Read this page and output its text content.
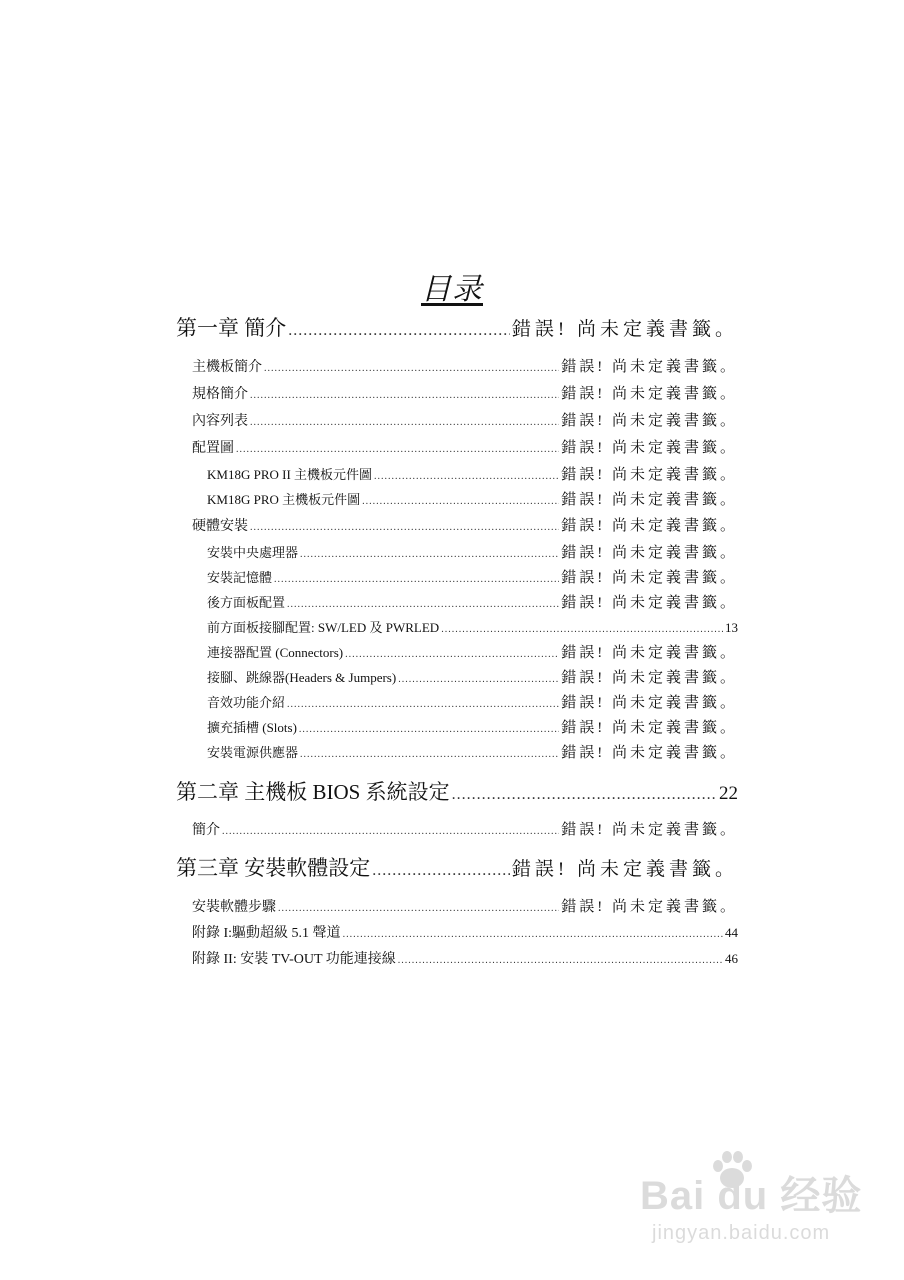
目录
第一章 簡介 .....	錯誤! 尚未定義書籤。
主機板簡介 .....	錯誤! 尚未定義書籤。
規格簡介 .....	錯誤! 尚未定義書籤。
內容列表 .....	錯誤! 尚未定義書籤。
配置圖 .....	錯誤! 尚未定義書籤。
KM18G PRO II 主機板元件圖 .....	錯誤! 尚未定義書籤。
KM18G PRO 主機板元件圖 .....	錯誤! 尚未定義書籤。
硬體安裝 .....	錯誤! 尚未定義書籤。
安裝中央處理器 .....	錯誤! 尚未定義書籤。
安裝記憶體 .....	錯誤! 尚未定義書籤。
後方面板配置 .....	錯誤! 尚未定義書籤。
前方面板接腳配置: SW/LED 及 PWRLED .....	13
連接器配置 (Connectors) .....	錯誤! 尚未定義書籤。
接腳、跳線器(Headers & Jumpers) .....	錯誤! 尚未定義書籤。
音效功能介紹 .....	錯誤! 尚未定義書籤。
擴充插槽 (Slots) .....	錯誤! 尚未定義書籤。
安裝電源供應器 .....	錯誤! 尚未定義書籤。
第二章 主機板 BIOS 系統設定 .....	22
簡介 .....	錯誤! 尚未定義書籤。
第三章 安裝軟體設定 .....	錯誤! 尚未定義書籤。
安裝軟體步驟 .....	錯誤! 尚未定義書籤。
附錄 I:驅動超級 5.1 聲道 .....	44
附錄 II: 安裝 TV-OUT 功能連接線 .....	46
Bai du 经验
jingyan.baidu.com
